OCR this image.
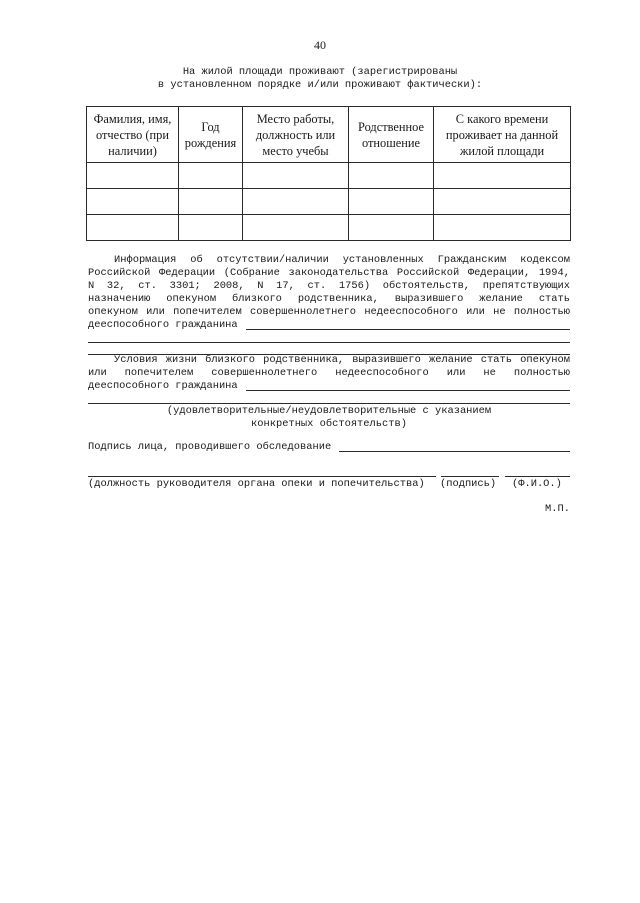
40
На жилой площади проживают (зарегистрированы
в установленном порядке и/или проживают фактически):
Фамилия, имя, отчество (при наличии)	Год рождения	Место работы, должность или место учебы	Родственное отношение	С какого времени проживает на данной жилой площади

Информация об отсутствии/наличии установленных Гражданским кодексом
Российской Федерации (Собрание законодательства Российской Федерации, 1994,
N 32, ст. 3301; 2008, N 17, ст. 1756) обстоятельств, препятствующих
назначению опекуном близкого родственника, выразившего желание стать
опекуном или попечителем совершеннолетнего недееспособного или не полностью
дееспособного гражданина
Условия жизни близкого родственника, выразившего желание стать опекуном
или попечителем совершеннолетнего недееспособного или не полностью
дееспособного гражданина
(удовлетворительные/неудовлетворительные с указанием
конкретных обстоятельств)
Подпись лица, проводившего обследование
(должность руководителя органа опеки и попечительства) (подпись) (Ф.И.О.)
М.П.
